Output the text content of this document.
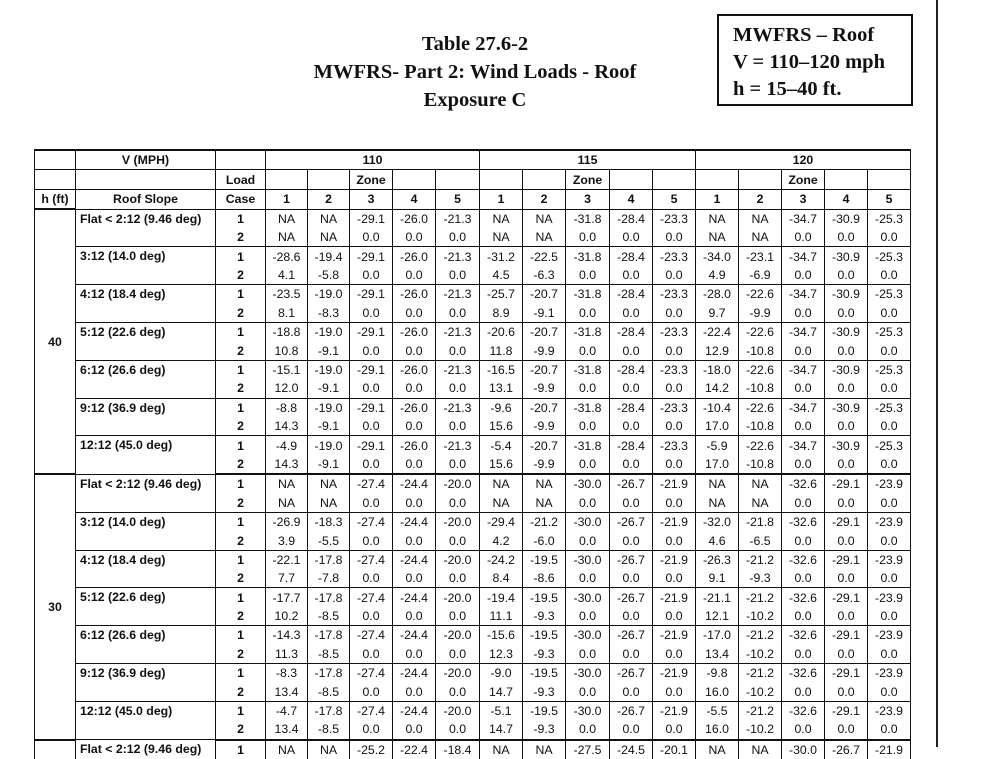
Table 27.6-2
MWFRS- Part 2: Wind Loads - Roof
Exposure C
MWFRS – Roof
V = 110–120 mph
h = 15–40 ft.
	V (MPH)		110					115					120				
		Load			Zone					Zone					Zone		
h (ft)	Roof Slope	Case	1	2	3	4	5	1	2	3	4	5	1	2	3	4	5
40	Flat < 2:12 (9.46 deg)	1	NA	NA	-29.1	-26.0	-21.3	NA	NA	-31.8	-28.4	-23.3	NA	NA	-34.7	-30.9	-25.3
		2	NA	NA	0.0	0.0	0.0	NA	NA	0.0	0.0	0.0	NA	NA	0.0	0.0	0.0
	3:12 (14.0 deg)	1	-28.6	-19.4	-29.1	-26.0	-21.3	-31.2	-22.5	-31.8	-28.4	-23.3	-34.0	-23.1	-34.7	-30.9	-25.3
		2	4.1	-5.8	0.0	0.0	0.0	4.5	-6.3	0.0	0.0	0.0	4.9	-6.9	0.0	0.0	0.0
	4:12 (18.4 deg)	1	-23.5	-19.0	-29.1	-26.0	-21.3	-25.7	-20.7	-31.8	-28.4	-23.3	-28.0	-22.6	-34.7	-30.9	-25.3
		2	8.1	-8.3	0.0	0.0	0.0	8.9	-9.1	0.0	0.0	0.0	9.7	-9.9	0.0	0.0	0.0
	5:12 (22.6 deg)	1	-18.8	-19.0	-29.1	-26.0	-21.3	-20.6	-20.7	-31.8	-28.4	-23.3	-22.4	-22.6	-34.7	-30.9	-25.3
		2	10.8	-9.1	0.0	0.0	0.0	11.8	-9.9	0.0	0.0	0.0	12.9	-10.8	0.0	0.0	0.0
	6:12 (26.6 deg)	1	-15.1	-19.0	-29.1	-26.0	-21.3	-16.5	-20.7	-31.8	-28.4	-23.3	-18.0	-22.6	-34.7	-30.9	-25.3
		2	12.0	-9.1	0.0	0.0	0.0	13.1	-9.9	0.0	0.0	0.0	14.2	-10.8	0.0	0.0	0.0
	9:12 (36.9 deg)	1	-8.8	-19.0	-29.1	-26.0	-21.3	-9.6	-20.7	-31.8	-28.4	-23.3	-10.4	-22.6	-34.7	-30.9	-25.3
		2	14.3	-9.1	0.0	0.0	0.0	15.6	-9.9	0.0	0.0	0.0	17.0	-10.8	0.0	0.0	0.0
	12:12 (45.0 deg)	1	-4.9	-19.0	-29.1	-26.0	-21.3	-5.4	-20.7	-31.8	-28.4	-23.3	-5.9	-22.6	-34.7	-30.9	-25.3
		2	14.3	-9.1	0.0	0.0	0.0	15.6	-9.9	0.0	0.0	0.0	17.0	-10.8	0.0	0.0	0.0
30	Flat < 2:12 (9.46 deg)	1	NA	NA	-27.4	-24.4	-20.0	NA	NA	-30.0	-26.7	-21.9	NA	NA	-32.6	-29.1	-23.9
		2	NA	NA	0.0	0.0	0.0	NA	NA	0.0	0.0	0.0	NA	NA	0.0	0.0	0.0
	3:12 (14.0 deg)	1	-26.9	-18.3	-27.4	-24.4	-20.0	-29.4	-21.2	-30.0	-26.7	-21.9	-32.0	-21.8	-32.6	-29.1	-23.9
		2	3.9	-5.5	0.0	0.0	0.0	4.2	-6.0	0.0	0.0	0.0	4.6	-6.5	0.0	0.0	0.0
	4:12 (18.4 deg)	1	-22.1	-17.8	-27.4	-24.4	-20.0	-24.2	-19.5	-30.0	-26.7	-21.9	-26.3	-21.2	-32.6	-29.1	-23.9
		2	7.7	-7.8	0.0	0.0	0.0	8.4	-8.6	0.0	0.0	0.0	9.1	-9.3	0.0	0.0	0.0
	5:12 (22.6 deg)	1	-17.7	-17.8	-27.4	-24.4	-20.0	-19.4	-19.5	-30.0	-26.7	-21.9	-21.1	-21.2	-32.6	-29.1	-23.9
		2	10.2	-8.5	0.0	0.0	0.0	11.1	-9.3	0.0	0.0	0.0	12.1	-10.2	0.0	0.0	0.0
	6:12 (26.6 deg)	1	-14.3	-17.8	-27.4	-24.4	-20.0	-15.6	-19.5	-30.0	-26.7	-21.9	-17.0	-21.2	-32.6	-29.1	-23.9
		2	11.3	-8.5	0.0	0.0	0.0	12.3	-9.3	0.0	0.0	0.0	13.4	-10.2	0.0	0.0	0.0
	9:12 (36.9 deg)	1	-8.3	-17.8	-27.4	-24.4	-20.0	-9.0	-19.5	-30.0	-26.7	-21.9	-9.8	-21.2	-32.6	-29.1	-23.9
		2	13.4	-8.5	0.0	0.0	0.0	14.7	-9.3	0.0	0.0	0.0	16.0	-10.2	0.0	0.0	0.0
	12:12 (45.0 deg)	1	-4.7	-17.8	-27.4	-24.4	-20.0	-5.1	-19.5	-30.0	-26.7	-21.9	-5.5	-21.2	-32.6	-29.1	-23.9
		2	13.4	-8.5	0.0	0.0	0.0	14.7	-9.3	0.0	0.0	0.0	16.0	-10.2	0.0	0.0	0.0
	Flat < 2:12 (9.46 deg)	1	NA	NA	-25.2	-22.4	-18.4	NA	NA	-27.5	-24.5	-20.1	NA	NA	-30.0	-26.7	-21.9
